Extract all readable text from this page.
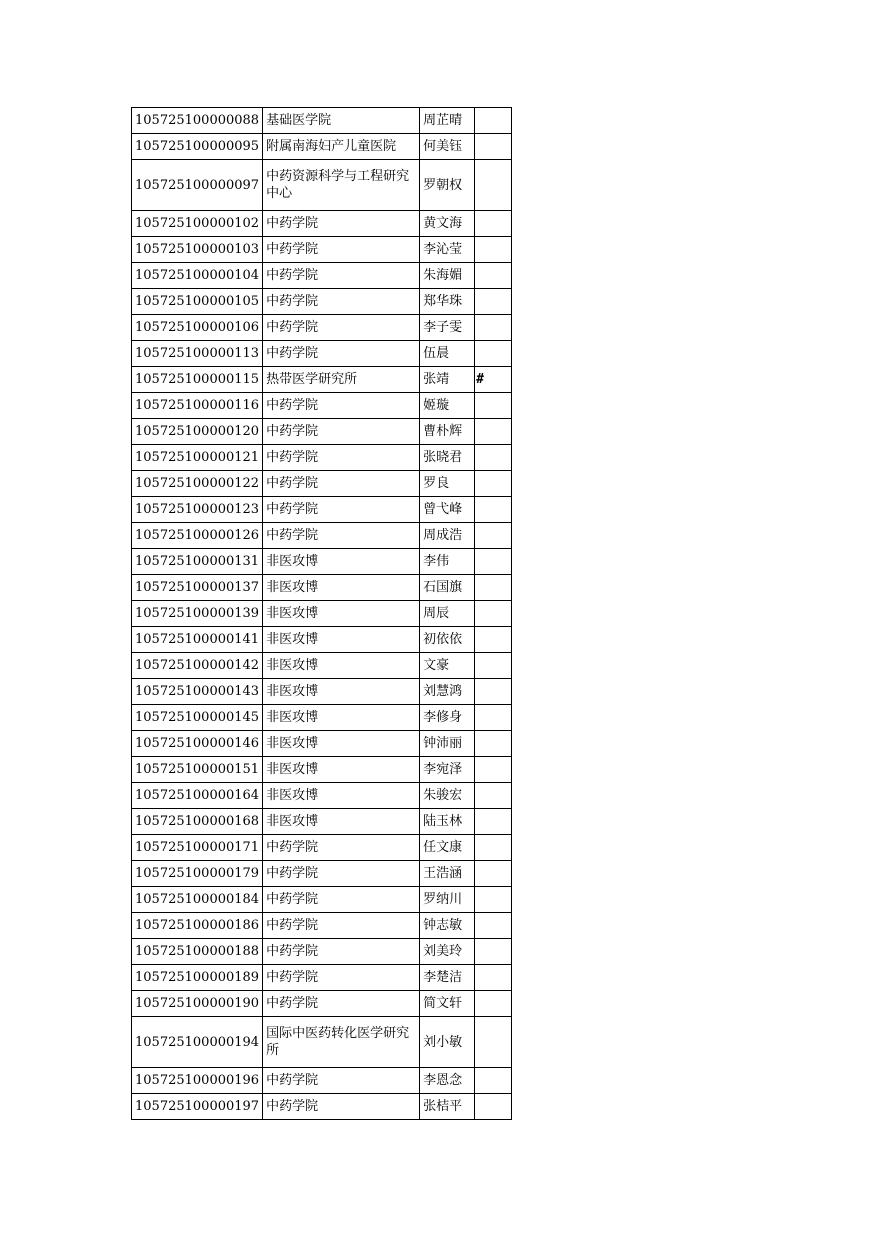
105725100000088	基础医学院	周芷晴	
105725100000095	附属南海妇产儿童医院	何美钰	
105725100000097	中药资源科学与工程研究中心	罗朝权	
105725100000102	中药学院	黄文海	
105725100000103	中药学院	李沁莹	
105725100000104	中药学院	朱海媚	
105725100000105	中药学院	郑华珠	
105725100000106	中药学院	李子雯	
105725100000113	中药学院	伍晨	
105725100000115	热带医学研究所	张靖	#
105725100000116	中药学院	姬璇	
105725100000120	中药学院	曹朴辉	
105725100000121	中药学院	张晓君	
105725100000122	中药学院	罗良	
105725100000123	中药学院	曾弋峰	
105725100000126	中药学院	周成浩	
105725100000131	非医攻博	李伟	
105725100000137	非医攻博	石国旗	
105725100000139	非医攻博	周辰	
105725100000141	非医攻博	初依依	
105725100000142	非医攻博	文豪	
105725100000143	非医攻博	刘慧鸿	
105725100000145	非医攻博	李修身	
105725100000146	非医攻博	钟沛丽	
105725100000151	非医攻博	李宛泽	
105725100000164	非医攻博	朱骏宏	
105725100000168	非医攻博	陆玉林	
105725100000171	中药学院	任文康	
105725100000179	中药学院	王浩涵	
105725100000184	中药学院	罗纳川	
105725100000186	中药学院	钟志敏	
105725100000188	中药学院	刘美玲	
105725100000189	中药学院	李楚洁	
105725100000190	中药学院	简文轩	
105725100000194	国际中医药转化医学研究所	刘小敏	
105725100000196	中药学院	李恩念	
105725100000197	中药学院	张桔平	
